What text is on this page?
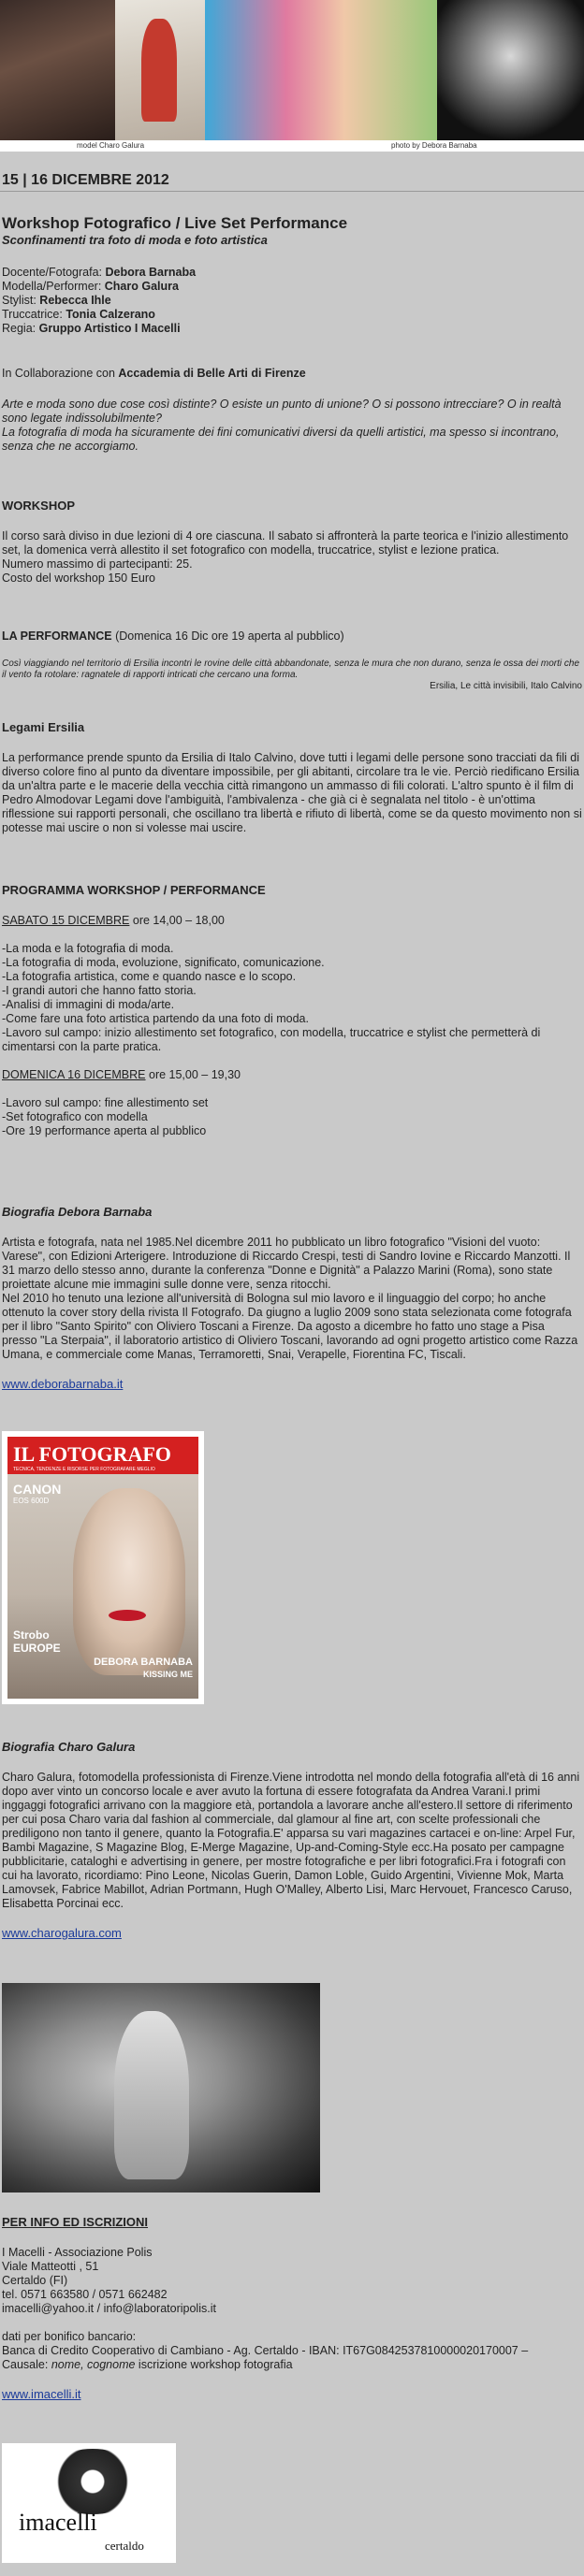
model Charo Galura	photo by Debora Barnaba
15 | 16 DICEMBRE 2012
Workshop Fotografico / Live Set Performance
Sconfinamenti tra foto di moda e foto artistica

Docente/Fotografa: Debora Barnaba

Modella/Performer: Charo Galura

Stylist: Rebecca Ihle

Truccatrice: Tonia Calzerano

Regia: Gruppo Artistico I Macelli

In Collaborazione con Accademia di Belle Arti di Firenze

Arte e moda sono due cose così distinte? O esiste un punto di unione? O si possono intrecciare? O in realtà sono legate indissolubilmente?

La fotografia di moda ha sicuramente dei fini comunicativi diversi da quelli artistici, ma spesso si incontrano, senza che ne accorgiamo.

WORKSHOP

Il corso sarà diviso in due lezioni di 4 ore ciascuna. Il sabato si affronterà la parte teorica e l'inizio allestimento set, la domenica verrà allestito il set fotografico con modella, truccatrice, stylist e lezione pratica.

Numero massimo di partecipanti: 25.

Costo del workshop 150 Euro

LA PERFORMANCE (Domenica 16 Dic ore 19 aperta al pubblico)

Così viaggiando nel territorio di Ersilia incontri le rovine delle città abbandonate, senza le mura che non durano, senza le ossa dei morti che il vento fa rotolare: ragnatele di rapporti intricati che cercano una forma.

Ersilia, Le città invisibili, Italo Calvino

Legami Ersilia

La performance prende spunto da Ersilia di Italo Calvino, dove tutti i legami delle persone sono tracciati da fili di diverso colore fino al punto da diventare impossibile, per gli abitanti, circolare tra le vie. Perciò riedificano Ersilia da un'altra parte e le macerie della vecchia città rimangono un ammasso di fili colorati. L'altro spunto è il film di Pedro Almodovar Legami dove l'ambiguità, l'ambivalenza - che già ci è segnalata nel titolo - è un'ottima riflessione sui rapporti personali, che oscillano tra libertà e rifiuto di libertà, come se da questo movimento non si potesse mai uscire o non si volesse mai uscire.

PROGRAMMA WORKSHOP / PERFORMANCE

SABATO 15 DICEMBRE ore 14,00 – 18,00

-La moda e la fotografia di moda.

-La fotografia di moda, evoluzione, significato, comunicazione.

-La fotografia artistica, come e quando nasce e lo scopo.

-I grandi autori che hanno fatto storia.

-Analisi di immagini di moda/arte.

-Come fare una foto artistica partendo da una foto di moda.

-Lavoro sul campo: inizio allestimento set fotografico, con modella, truccatrice e stylist che permetterà di cimentarsi con la parte pratica.

DOMENICA 16 DICEMBRE ore 15,00 – 19,30

-Lavoro sul campo: fine allestimento set

-Set fotografico con modella

-Ore 19 performance aperta al pubblico

Biografia Debora Barnaba

Artista e fotografa, nata nel 1985.Nel dicembre 2011 ho pubblicato un libro fotografico "Visioni del vuoto: Varese", con Edizioni Arterigere. Introduzione di Riccardo Crespi, testi di Sandro Iovine e Riccardo Manzotti. Il 31 marzo dello stesso anno, durante la conferenza "Donne e Dignità" a Palazzo Marini (Roma), sono state proiettate alcune mie immagini sulle donne vere, senza ritocchi.

Nel 2010 ho tenuto una lezione all'università di Bologna sul mio lavoro e il linguaggio del corpo; ho anche ottenuto la cover story della rivista Il Fotografo. Da giugno a luglio 2009 sono stata selezionata come fotografa per il libro "Santo Spirito" con Oliviero Toscani a Firenze. Da agosto a dicembre ho fatto uno stage a Pisa presso "La Sterpaia", il laboratorio artistico di Oliviero Toscani, lavorando ad ogni progetto artistico come Razza Umana, e commerciale come Manas, Terramoretti, Snai, Verapelle, Fiorentina FC, Tiscali.

www.deborabarnaba.it
IL FOTOGRAFO
TECNICA, TENDENZE E RISORSE PER FOTOGRAFARE MEGLIO
CANON
EOS 600D
Strobo
EUROPE
DEBORA BARNABA
KISSING ME

Biografia Charo Galura

Charo Galura, fotomodella professionista di Firenze.Viene introdotta nel mondo della fotografia all'età di 16 anni dopo aver vinto un concorso locale e aver avuto la fortuna di essere fotografata da Andrea Varani.I primi inggaggi fotografici arrivano con la maggiore età, portandola a lavorare anche all'estero.Il settore di riferimento per cui posa Charo varia dal fashion al commerciale, dal glamour al fine art, con scelte professionali che prediligono non tanto il genere, quanto la Fotografia.E' apparsa su vari magazines cartacei e on-line: Arpel Fur, Bambi Magazine, S Magazine Blog, E-Merge Magazine, Up-and-Coming-Style ecc.Ha posato per campagne pubblicitarie, cataloghi e advertising in genere, per mostre fotografiche e per libri fotografici.Fra i fotografi con cui ha lavorato, ricordiamo: Pino Leone, Nicolas Guerin, Damon Loble, Guido Argentini, Vivienne Mok, Marta Lamovsek, Fabrice Mabillot, Adrian Portmann, Hugh O'Malley, Alberto Lisi, Marc Hervouet, Francesco Caruso, Elisabetta Porcinai ecc.

www.charogalura.com

PER INFO ED ISCRIZIONI

I Macelli - Associazione Polis

Viale Matteotti , 51

Certaldo (FI)

tel. 0571 663580 / 0571 662482

imacelli@yahoo.it / info@laboratoripolis.it

dati per bonifico bancario:

Banca di Credito Cooperativo di Cambiano - Ag. Certaldo - IBAN: IT67G0842537810000020170007 –

Causale: nome, cognome iscrizione workshop fotografia

www.imacelli.it
imacelli
certaldo
